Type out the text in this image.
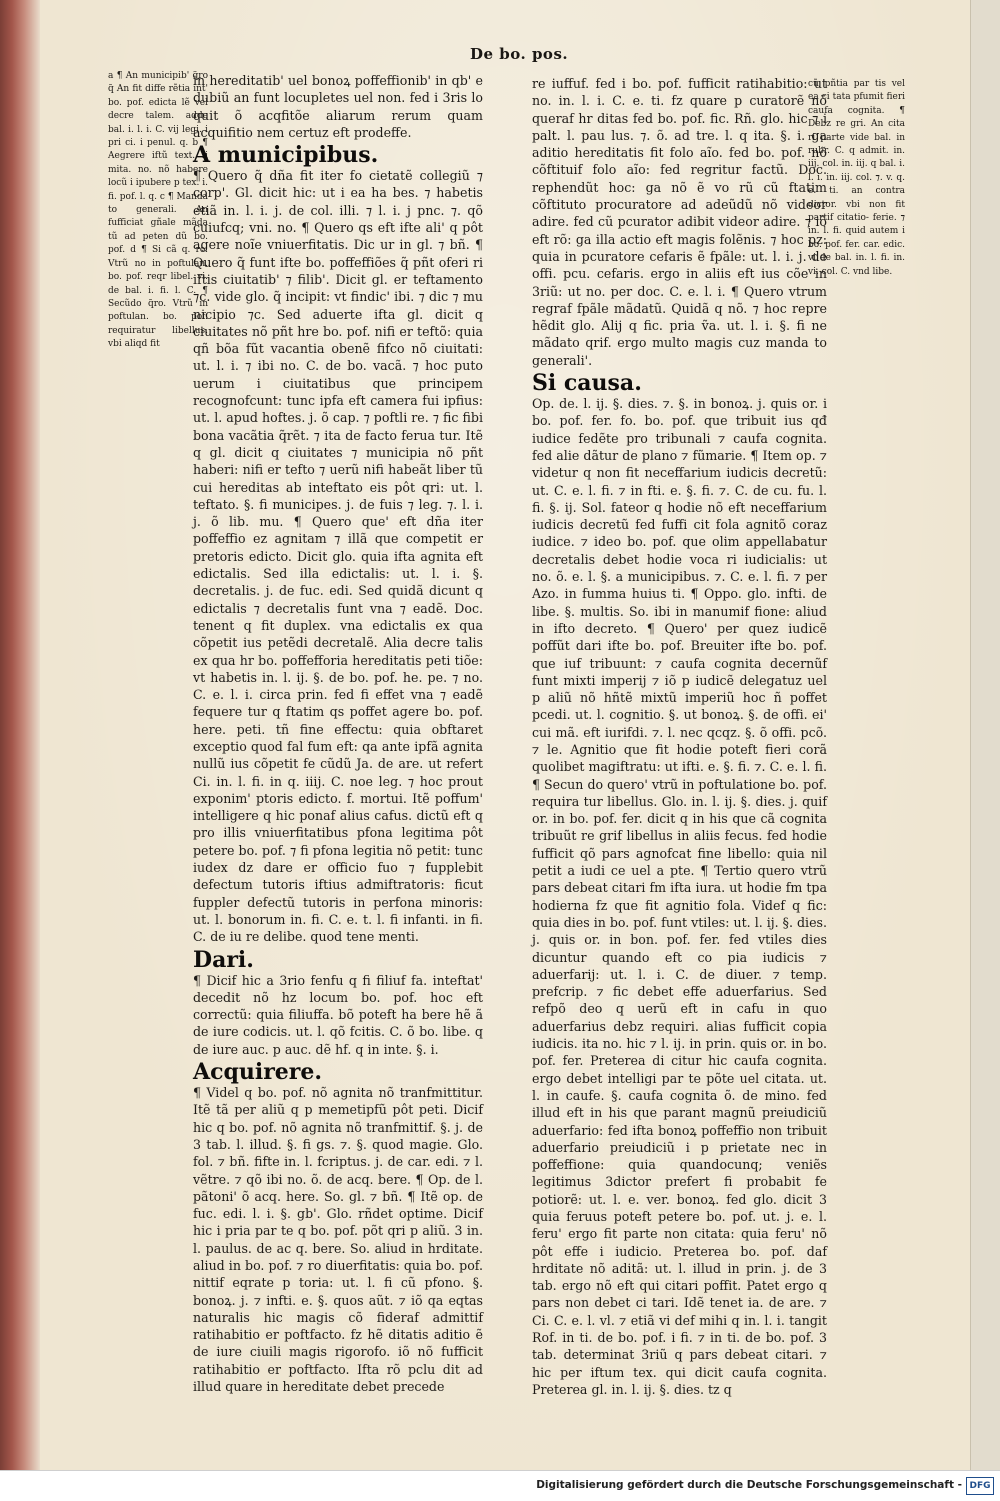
De bo. pos.

a ¶ An municipib' q̃ro q̃ An fit diffe rẽtia int' bo. pof. edicta lẽ vel decre talem. adde bal. i. l. i. C. vij legi. i pri ci. i penul. q. b ¶ Aegrere iftũ text. li mita. no. nõ habere locũ i ipubere p tex. i. fi. pof. l. q. c ¶ Manda to generali. An fufficiat gñale mãda tũ ad peten dũ bo. pof. d ¶ Si cã q. ro. Vtrũ no in poftulan. bo. pof. reqr libel. vi. de bal. i. fi. l. C. ¶ Secũdo q̃ro. Vtrũ in poftulan. bo. pof. requiratur libellus. vbi aliqd fit

in hereditatib' uel bonoꝝ poffeffionib' in qb' e dubiũ an funt locupletes uel non. fed i 3ris lo quit õ acqfitõe aliarum rerum quam acquifitio nem certuz eft prodeffe.

A municipibus.

¶ Quero q̃ dña fit iter fo cietatẽ collegiũ ⁊ corp'. Gl. dicit hic: ut i ea ha bes. ⁊ habetis etiã in. l. i. j. de col. illi. ⁊ l. i. j pnc. ⁊. qõ cuiufcq; vni. no. ¶ Quero qs eft ifte ali' q pôt agere noĩe vniuerfitatis. Dic ur in gl. ⁊ bñ. ¶ Quero q̃ funt ifte bo. poffeffiões q̃ pñt oferi ri iftis ciuitatib' ⁊ filib'. Dicit gl. er teftamento ⁊c. vide glo. q̃ incipit: vt findic' ibi. ⁊ dic ⁊ mu nicipio ⁊c. Sed aduerte ifta gl. dicit q ciuitates nõ pñt hre bo. pof. nifi er teftõ: quia qñ bõa fũt vacantia obenẽ fifco nõ ciuitati: ut. l. i. ⁊ ibi no. C. de bo. vacã. ⁊ hoc puto uerum i ciuitatibus que principem recognofcunt: tunc ipfa eft camera fui ipfius: ut. l. apud hoftes. j. õ cap. ⁊ poftli re. ⁊ fic fibi bona vacãtia q̃rẽt. ⁊ ita de facto ferua tur. Itẽ q gl. dicit q ciuitates ⁊ municipia nõ pñt haberi: nifi er tefto ⁊ uerũ nifi habeãt liber tũ cui hereditas ab inteftato eis pôt qri: ut. l. teftato. §. fi municipes. j. de fuis ⁊ leg. ⁊. l. i. j. õ lib. mu. ¶ Quero que' eft dña iter poffeffio ez agnitam ⁊ illã que competit er pretoris edicto. Dicit glo. quia ifta agnita eft edictalis. Sed illa edictalis: ut. l. i. §. decretalis. j. de fuc. edi. Sed quidã dicunt q edictalis ⁊ decretalis funt vna ⁊ eadẽ. Doc. tenent q fit duplex. vna edictalis ex qua cõpetit ius petẽdi decretalẽ. Alia decre talis ex qua hr bo. poffefforia hereditatis peti tiõe: vt habetis in. l. ij. §. de bo. pof. he. pe. ⁊ no. C. e. l. i. circa prin. fed fi effet vna ⁊ eadẽ fequere tur q ftatim qs poffet agere bo. pof. here. peti. tñ fine effectu: quia obftaret exceptio quod fal fum eft: qa ante ipfã agnita nullũ ius cõpetit fe cũdũ Ja. de are. ut refert Ci. in. l. fi. in q. iiij. C. noe leg. ⁊ hoc prout exponim' ptoris edicto. f. mortui. Itẽ poffum' intelligere q hic ponaf alius cafus. dictũ eft q pro illis vniuerfitatibus pfona legitima pôt petere bo. pof. ⁊ fi pfona legitia nõ petit: tunc iudex dz dare er officio fuo ⁊ fupplebit defectum tutoris iftius admiftratoris: ficut fuppler defectũ tutoris in perfona minoris: ut. l. bonorum in. fi. C. e. t. l. fi infanti. in fi. C. de iu re delibe. quod tene menti.

Dari.

¶ Dicif hic a 3rio fenfu q fi filiuf fa. inteftat' decedit nõ hz locum bo. pof. hoc eft correctũ: quia filiuffa. bõ poteft ha bere hẽ ã de iure codicis. ut. l. qõ fcitis. C. õ bo. libe. q de iure auc. p auc. dẽ hf. q in inte. §. i.

Acquirere.

¶ Videl q bo. pof. nõ agnita nõ tranfmittitur. Itẽ tã per aliũ q p memetipfũ pôt peti. Dicif hic q bo. pof. nõ agnita nõ tranfmittif. §. j. de 3 tab. l. illud. §. fi gs. ⁊. §. quod magie. Glo. fol. ⁊ bñ. fifte in. l. fcriptus. j. de car. edi. ⁊ l. vẽtre. ⁊ qõ ibi no. õ. de acq. bere. ¶ Op. de l. pãtoni' õ acq. here. So. gl. ⁊ bñ. ¶ Itẽ op. de fuc. edi. l. i. §. gb'. Glo. rñdet optime. Dicif hic i pria par te q bo. pof. põt qri p aliũ. 3 in. l. paulus. de ac q. bere. So. aliud in hrditate. aliud in bo. pof. ⁊ ro diuerfitatis: quia bo. pof. nittif eqrate p toria: ut. l. fi cũ pfono. §. bonoꝝ. j. ⁊ infti. e. §. quos aũt. ⁊ iõ qa eqtas naturalis hic magis cõ fideraf admittif ratihabitio er poftfacto. fz hẽ ditatis aditio ẽ de iure ciuili magis rigorofo. iõ nõ fufficit ratihabitio er poftfacto. Ifta rõ pclu dit ad illud quare in hereditate debet precede

re iuffuf. fed i bo. pof. fufficit ratihabitio: ut no. in. l. i. C. e. ti. fz quare p curatorẽ nõ queraf hr ditas fed bo. pof. fic. Rñ. glo. hic ⁊ i palt. l. pau lus. ⁊. õ. ad tre. l. q ita. §. i. ga aditio hereditatis fit folo aĩo. fed bo. pof. nõ cõftituif folo aĩo: fed regritur factũ. Doc. rephendũt hoc: ga nõ ẽ vo rũ cũ ftatim cõftituto procuratore ad adeũdũ nõ videor adire. fed cũ pcurator adibit videor adire. ⁊ iõ eft rõ: ga illa actio eft magis folẽnis. ⁊ hoc pz: quia in pcuratore cefaris ẽ fpãle: ut. l. i. j. de offi. pcu. cefaris. ergo in aliis eft ius cõe in 3riũ: ut no. per doc. C. e. l. i. ¶ Quero vtrum regraf fpãle mãdatũ. Quidã q nõ. ⁊ hoc repre hẽdit glo. Alij q fic. pria ṽa. ut. l. i. §. fi ne mãdato qrif. ergo multo magis cuz manda to generali'.

Si causa.

Op. de. l. ij. §. dies. ⁊. §. in bonoꝝ. j. quis or. i bo. pof. fer. fo. bo. pof. que tribuit ius qđ iudice fedẽte pro tribunali ⁊ caufa cognita. fed alie dãtur de plano ⁊ fũmarie. ¶ Item op. ⁊ videtur q non fit neceffarium iudicis decretũ: ut. C. e. l. fi. ⁊ in fti. e. §. fi. ⁊. C. de cu. fu. l. fi. §. ij. Sol. fateor q hodie nõ eft neceffarium iudicis decretũ fed fuffi cit fola agnitõ coraz iudice. ⁊ ideo bo. pof. que olim appellabatur decretalis debet hodie voca ri iudicialis: ut no. õ. e. l. §. a municipibus. ⁊. C. e. l. fi. ⁊ per Azo. in fumma huius ti. ¶ Oppo. glo. infti. de libe. §. multis. So. ibi in manumif fione: aliud in ifto decreto. ¶ Quero' per quez iudicẽ poffũt dari ifte bo. pof. Breuiter ifte bo. pof. que iuf tribuunt: ⁊ caufa cognita decernũf funt mixti imperij ⁊ iõ p iudicẽ delegatuz uel p aliũ nõ hñtẽ mixtũ imperiũ hoc ñ poffet pcedi. ut. l. cognitio. §. ut bonoꝝ. §. de offi. ei' cui mã. eft iurifdi. ⁊. l. nec qcqz. §. õ offi. pcõ. ⁊ le. Agnitio que fit hodie poteft fieri corã quolibet magiftratu: ut ifti. e. §. fi. ⁊. C. e. l. fi. ¶ Secun do quero' vtrũ in poftulatione bo. pof. requira tur libellus. Glo. in. l. ij. §. dies. j. quif or. in bo. pof. fer. dicit q in his que cã cognita tribuũt re grif libellus in aliis fecus. fed hodie fufficit qõ pars agnofcat fine libello: quia nil petit a iudi ce uel a pte. ¶ Tertio quero vtrũ pars debeat citari fm ifta iura. ut hodie fm tpa hodierna fz que fit agnitio fola. Videf q fic: quia dies in bo. pof. funt vtiles: ut. l. ij. §. dies. j. quis or. in bon. pof. fer. fed vtiles dies dicuntur quando eft co pia iudicis ⁊ aduerfarij: ut. l. i. C. de diuer. ⁊ temp. prefcrip. ⁊ fic debet effe aduerfarius. Sed refpõ deo q uerũ eft in cafu in quo aduerfarius debz requiri. alias fufficit copia iudicis. ita no. hic ⁊ l. ij. in prin. quis or. in bo. pof. fer. Preterea di citur hic caufa cognita. ergo debet intelligi par te põte uel citata. ut. l. in caufe. §. caufa cognita õ. de mino. fed illud eft in his que parant magnũ preiudiciũ aduerfario: fed ifta bonoꝝ poffeffio non tribuit aduerfario preiudiciũ i p prietate nec in poffeffione: quia quandocunq; veniẽs legitimus 3dictor prefert fi probabit fe potiorẽ: ut. l. e. ver. bonoꝝ. fed glo. dicit 3 quia feruus poteft petere bo. pof. ut. j. e. l. feru' ergo fit parte non citata: quia feru' nõ pôt effe i iudicio. Preterea bo. pof. daf hrditate nõ aditã: ut. l. illud in prin. j. de 3 tab. ergo nõ eft qui citari poffit. Patet ergo q pars non debet ci tari. Idẽ tenet ia. de are. ⁊ Ci. C. e. l. vl. ⁊ etiã vi def mihi q in. l. i. tangit Rof. in ti. de bo. pof. i fi. ⁊ in ti. de bo. pof. 3 tab. determinat 3riũ q pars debeat citari. ⁊ hic per iftum tex. qui dicit caufa cognita. Preterea gl. in. l. ij. §. dies. tz q

cũ pñtia par tis vel ea ci tata pfumit fieri caufa cognita. ¶ Debz re gri. An cita ri parte vide bal. in rubr. C. q admit. in. iij. col. in. iij. q bal. i. l. i. in. iij. col. ⁊. v. q. e. ti. an contra dictor. vbi non fit partif citatio- ferie. ⁊ in. l. fi. quid autem i bo. pof. fer. car. edic. vi de bal. in. l. fi. in. vi. col. C. vnd libe.

Digitalisierung gefördert durch die Deutsche Forschungsgemeinschaft - DFG
